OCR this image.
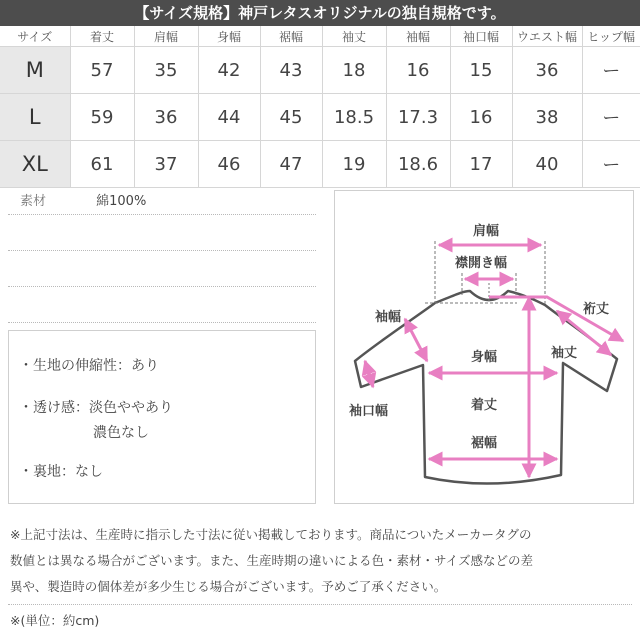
【サイズ規格】神戸レタスオリジナルの独自規格です。
サイズ	着丈	肩幅	身幅	裾幅	袖丈	袖幅	袖口幅	ウエスト幅	ヒップ幅
M	57	35	42	43	18	16	15	36	ー
L	59	36	44	45	18.5	17.3	16	38	ー
XL	61	37	46	47	19	18.6	17	40	ー
素材	綿100%
・生地の伸縮性：あり
・透け感：淡色ややあり
濃色なし
・裏地：なし
肩幅
襟開き幅
袖幅
裄丈
身幅	袖丈
袖口幅	着丈
裾幅
※上記寸法は、生産時に指示した寸法に従い掲載しております。商品についたメーカータグの
数値とは異なる場合がございます。また、生産時期の違いによる色・素材・サイズ感などの差
異や、製造時の個体差が多少生じる場合がございます。予めご了承ください。
※(単位：約cm)
